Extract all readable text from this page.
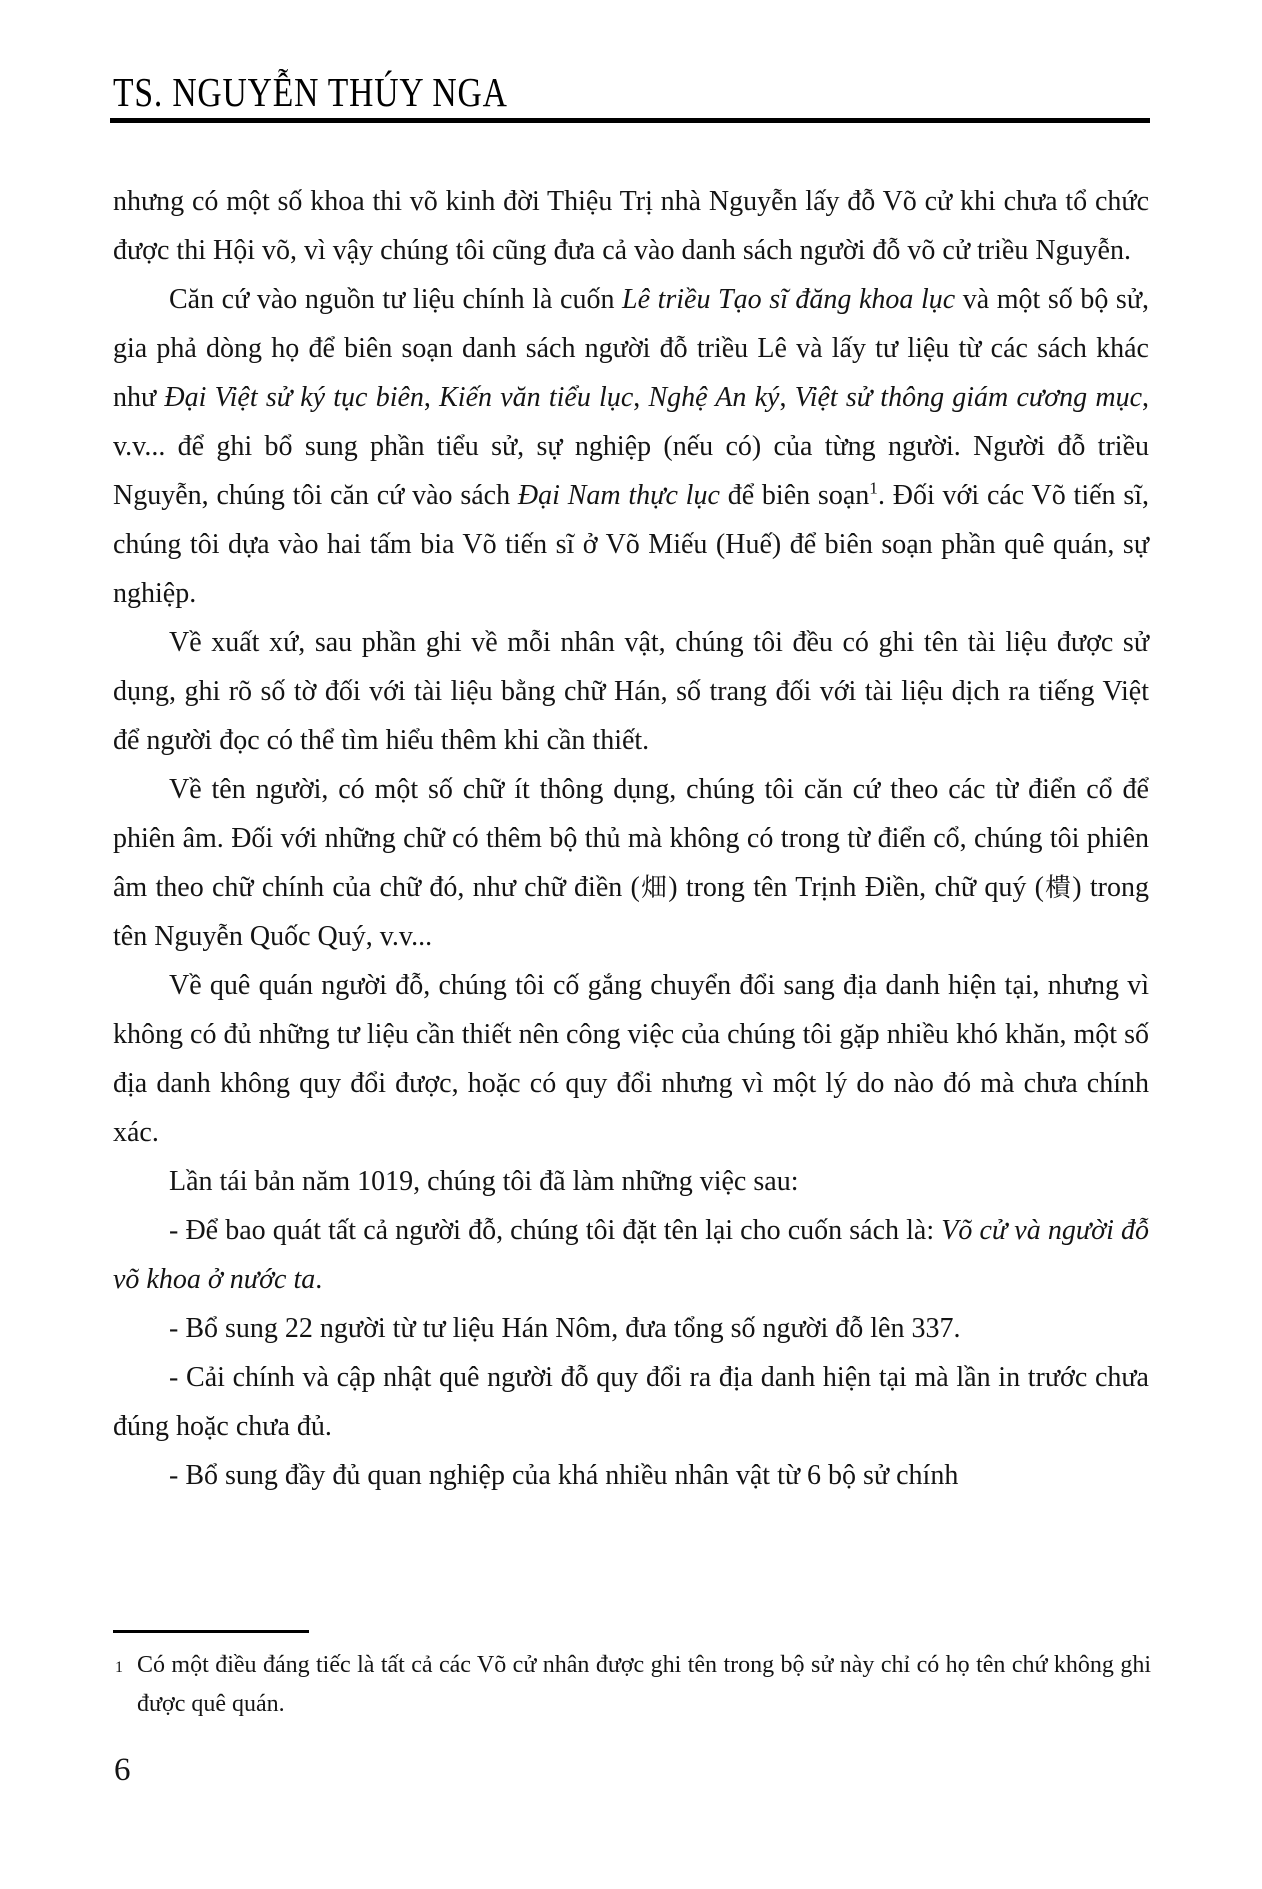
TS. NGUYỄN THÚY NGA

nhưng có một số khoa thi võ kinh đời Thiệu Trị nhà Nguyễn lấy đỗ Võ cử khi chưa tổ chức được thi Hội võ, vì vậy chúng tôi cũng đưa cả vào danh sách người đỗ võ cử triều Nguyễn.

Căn cứ vào nguồn tư liệu chính là cuốn Lê triều Tạo sĩ đăng khoa lục và một số bộ sử, gia phả dòng họ để biên soạn danh sách người đỗ triều Lê và lấy tư liệu từ các sách khác như Đại Việt sử ký tục biên, Kiến văn tiểu lục, Nghệ An ký, Việt sử thông giám cương mục, v.v... để ghi bổ sung phần tiểu sử, sự nghiệp (nếu có) của từng người. Người đỗ triều Nguyễn, chúng tôi căn cứ vào sách Đại Nam thực lục để biên soạn$^1$. Đối với các Võ tiến sĩ, chúng tôi dựa vào hai tấm bia Võ tiến sĩ ở Võ Miếu (Huế) để biên soạn phần quê quán, sự nghiệp.

Về xuất xứ, sau phần ghi về mỗi nhân vật, chúng tôi đều có ghi tên tài liệu được sử dụng, ghi rõ số tờ đối với tài liệu bằng chữ Hán, số trang đối với tài liệu dịch ra tiếng Việt để người đọc có thể tìm hiểu thêm khi cần thiết.

Về tên người, có một số chữ ít thông dụng, chúng tôi căn cứ theo các từ điển cổ để phiên âm. Đối với những chữ có thêm bộ thủ mà không có trong từ điển cổ, chúng tôi phiên âm theo chữ chính của chữ đó, như chữ điền (畑) trong tên Trịnh Điền, chữ quý (樻) trong tên Nguyễn Quốc Quý, v.v...

Về quê quán người đỗ, chúng tôi cố gắng chuyển đổi sang địa danh hiện tại, nhưng vì không có đủ những tư liệu cần thiết nên công việc của chúng tôi gặp nhiều khó khăn, một số địa danh không quy đổi được, hoặc có quy đổi nhưng vì một lý do nào đó mà chưa chính xác.

Lần tái bản năm 1019, chúng tôi đã làm những việc sau:

- Để bao quát tất cả người đỗ, chúng tôi đặt tên lại cho cuốn sách là: Võ cử và người đỗ võ khoa ở nước ta.

- Bổ sung 22 người từ tư liệu Hán Nôm, đưa tổng số người đỗ lên 337.

- Cải chính và cập nhật quê người đỗ quy đổi ra địa danh hiện tại mà lần in trước chưa đúng hoặc chưa đủ.

- Bổ sung đầy đủ quan nghiệp của khá nhiều nhân vật từ 6 bộ sử chính

1 Có một điều đáng tiếc là tất cả các Võ cử nhân được ghi tên trong bộ sử này chỉ có họ tên chứ không ghi được quê quán.
6
